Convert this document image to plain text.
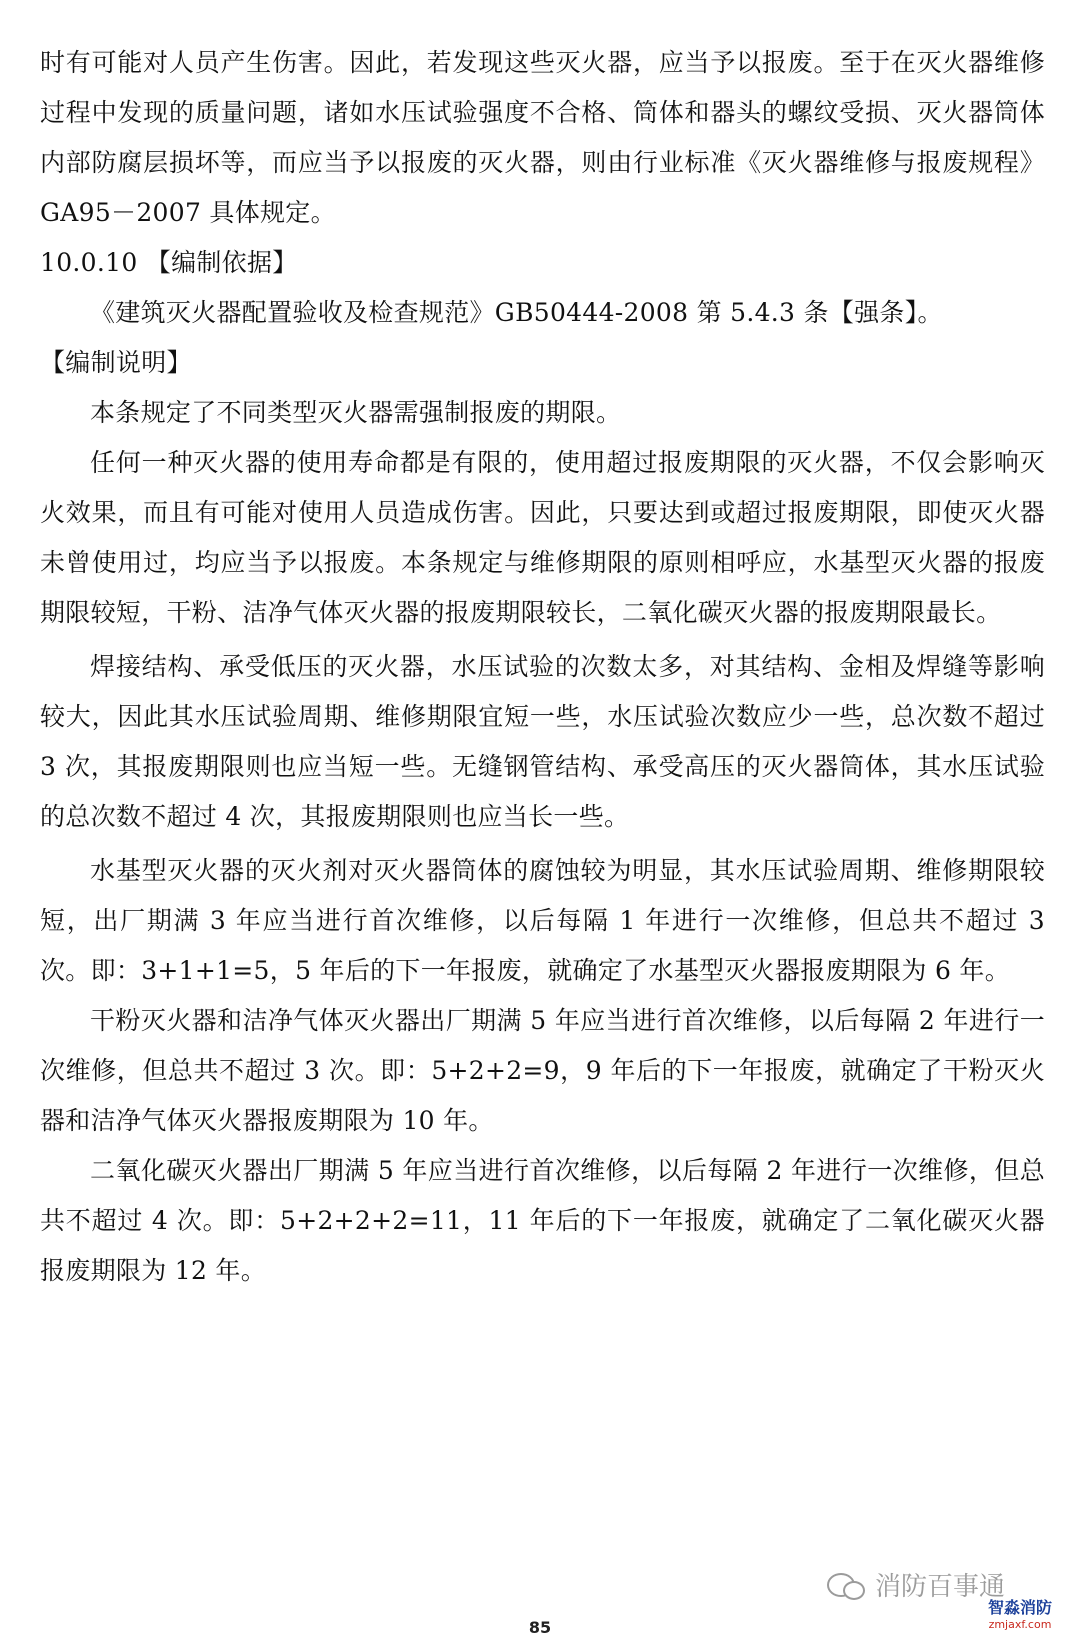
时有可能对人员产生伤害。因此，若发现这些灭火器，应当予以报废。至于在灭火器维修过程中发现的质量问题，诸如水压试验强度不合格、筒体和器头的螺纹受损、灭火器筒体内部防腐层损坏等，而应当予以报废的灭火器，则由行业标准《灭火器维修与报废规程》GA95－2007 具体规定。

10.0.10 【编制依据】

《建筑灭火器配置验收及检查规范》GB50444-2008 第 5.4.3 条【强条】。

【编制说明】

本条规定了不同类型灭火器需强制报废的期限。

任何一种灭火器的使用寿命都是有限的，使用超过报废期限的灭火器，不仅会影响灭火效果，而且有可能对使用人员造成伤害。因此，只要达到或超过报废期限，即使灭火器未曾使用过，均应当予以报废。本条规定与维修期限的原则相呼应，水基型灭火器的报废期限较短，干粉、洁净气体灭火器的报废期限较长，二氧化碳灭火器的报废期限最长。

焊接结构、承受低压的灭火器，水压试验的次数太多，对其结构、金相及焊缝等影响较大，因此其水压试验周期、维修期限宜短一些，水压试验次数应少一些，总次数不超过 3 次，其报废期限则也应当短一些。无缝钢管结构、承受高压的灭火器筒体，其水压试验的总次数不超过 4 次，其报废期限则也应当长一些。

水基型灭火器的灭火剂对灭火器筒体的腐蚀较为明显，其水压试验周期、维修期限较短，出厂期满 3 年应当进行首次维修，以后每隔 1 年进行一次维修，但总共不超过 3 次。即：3+1+1=5，5 年后的下一年报废，就确定了水基型灭火器报废期限为 6 年。

干粉灭火器和洁净气体灭火器出厂期满 5 年应当进行首次维修，以后每隔 2 年进行一次维修，但总共不超过 3 次。即：5+2+2=9，9 年后的下一年报废，就确定了干粉灭火器和洁净气体灭火器报废期限为 10 年。

二氧化碳灭火器出厂期满 5 年应当进行首次维修，以后每隔 2 年进行一次维修，但总共不超过 4 次。即：5+2+2+2=11，11 年后的下一年报废，就确定了二氧化碳灭火器报废期限为 12 年。

消防百事通
智淼消防
zmjaxf.com
85
